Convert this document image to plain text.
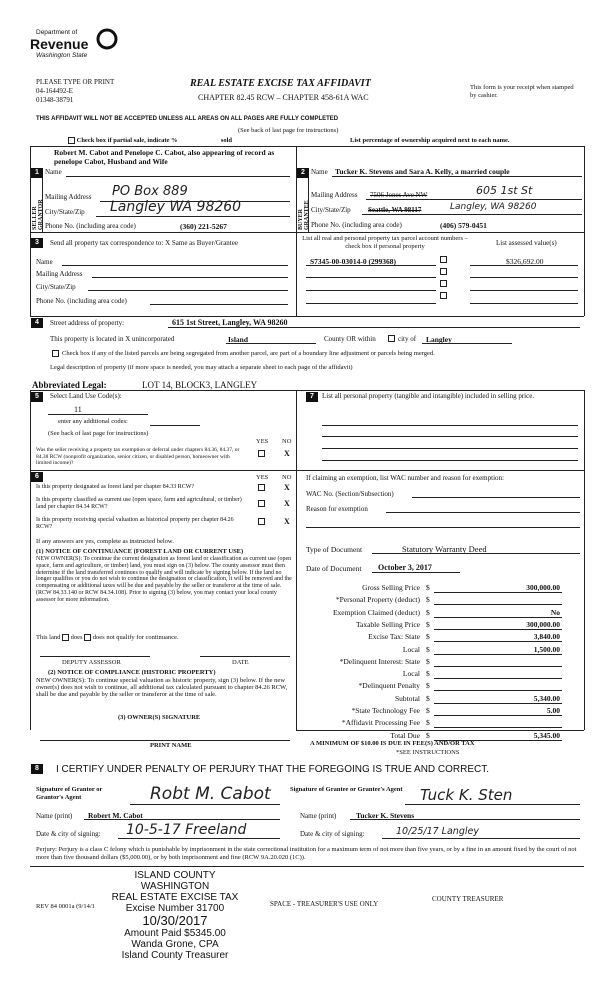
Department of
Revenue
Washington State
PLEASE TYPE OR PRINT
04-164492-E
01348-38791
REAL ESTATE EXCISE TAX AFFIDAVIT
CHAPTER 82.45 RCW – CHAPTER 458-61A WAC
This form is your receipt when stamped by cashier.
THIS AFFIDAVIT WILL NOT BE ACCEPTED UNLESS ALL AREAS ON ALL PAGES ARE FULLY COMPLETED
(See back of last page for instructions)
Check box if partial sale, indicate %	sold	List percentage of ownership acquired next to each name.
1
SELLER GRANTOR
Robert M. Cabot and Penelope C. Cabot, also appearing of record as penelope Cabot, Husband and Wife
Name
Mailing Address PO Box 889
City/State/Zip Langley WA 98260
Phone No. (including area code)	(360) 221-5267
2
BUYER GRANTEE
Name Tucker K. Stevens and Sara A. Kelly, a married couple
Mailing Address 7506 Jones Ave NW	605 1st St
City/State/Zip Seattle, WA 98117	Langley, WA 98260
Phone No. (including area code)	(406) 579-0451
3	Send all property tax correspondence to: X Same as Buyer/Grantee
Name
Mailing Address
City/State/Zip
Phone No. (including area code)
List all real and personal property tax parcel account numbers – check box if personal property	List assessed value(s)
S7345-00-03014-0 (299368)	$326,692.00
4	Street address of property:	615 1st Street, Langley, WA 98260
This property is located in X unincorporated	Island	County OR within	city of Langley
Check box if any of the listed parcels are being segregated from another parcel, are part of a boundary line adjustment or parcels being merged.
Legal description of property (if more space is needed, you may attach a separate sheet to each page of the affidavit)
Abbreviated Legal:	LOT 14, BLOCK3, LANGLEY
5	Select Land Use Code(s):
11
enter any additional codes:
(See back of last page for instructions)
YES NO
Was the seller receiving a property tax exemption or deferral under chapters 84.36, 84.37, or 84.38 RCW (nonprofit organization, senior citizen, or disabled person, homeowner with limited income)?
X
6	YES NO
Is this property designated as forest land per chapter 84.33 RCW?	X
Is this property classified as current use (open space, farm and agricultural, or timber) land per chapter 84.34 RCW?	X
Is this property receiving special valuation as historical property per chapter 84.26 RCW?
X
If any answers are yes, complete as instructed below.
(1) NOTICE OF CONTINUANCE (FOREST LAND OR CURRENT USE)
NEW OWNER(S): To continue the current designation as forest land or classification as current use (open space, farm and agriculture, or timber) land, you must sign on (3) below. The county assessor must then determine if the land transferred continues to qualify and will indicate by signing below. If the land no longer qualifies or you do not wish to continue the designation or classification, it will be removed and the compensating or additional taxes will be due and payable by the seller or transferor at the time of sale. (RCW 84.33.140 or RCW 84.34.108). Prior to signing (3) below, you may contact your local county assessor for more information.
This land does does not qualify for continuance.
DEPUTY ASSESSOR	DATE
(2) NOTICE OF COMPLIANCE (HISTORIC PROPERTY)
NEW OWNER(S): To continue special valuation as historic property, sign (3) below. If the new owner(s) does not wish to continue, all additional tax calculated pursuant to chapter 84.26 RCW, shall be due and payable by the seller or transferor at the time of sale.
(3) OWNER(S) SIGNATURE
PRINT NAME
7	List all personal property (tangible and intangible) included in selling price.
If claiming an exemption, list WAC number and reason for exemption:
WAC No. (Section/Subsection)
Reason for exemption
Type of Document	Statutory Warranty Deed
Date of Document October 3, 2017
Gross Selling Price $	300,000.00
*Personal Property (deduct) $
Exemption Claimed (deduct) $	No
Taxable Selling Price $	300,000.00
Excise Tax: State $	3,840.00
Local $	1,500.00
*Delinquent Interest: State $
Local $
*Delinquent Penalty $
Subtotal $	5,340.00
*State Technology Fee $	5.00
*Affidavit Processing Fee $
Total Due $	5,345.00
A MINIMUM OF $10.00 IS DUE IN FEE(S) AND/OR TAX
*SEE INSTRUCTIONS
8	I CERTIFY UNDER PENALTY OF PERJURY THAT THE FOREGOING IS TRUE AND CORRECT.
Signature of Grantor or Grantor's Agent	Robt M. Cabot	Signature of Grantee or Grantee's Agent	Tuck K. Sten
Name (print) Robert M. Cabot	Name (print)	Tucker K. Stevens
Date & city of signing: 10-5-17 Freeland	Date & city of signing:	10/25/17 Langley
Perjury: Perjury is a class C felony which is punishable by imprisonment in the state correctional institution for a maximum term of not more than five years, or by a fine in an amount fixed by the court of not more than five thousand dollars ($5,000.00), or by both imprisonment and fine (RCW 9A.20.020 (1C)).
REV 84 0001a (9/14/1
ISLAND COUNTY WASHINGTON
REAL ESTATE EXCISE TAX
Excise Number 31700
10/30/2017
Amount Paid $5345.00
Wanda Grone, CPA
Island County Treasurer
SPACE - TREASURER'S USE ONLY
COUNTY TREASURER
